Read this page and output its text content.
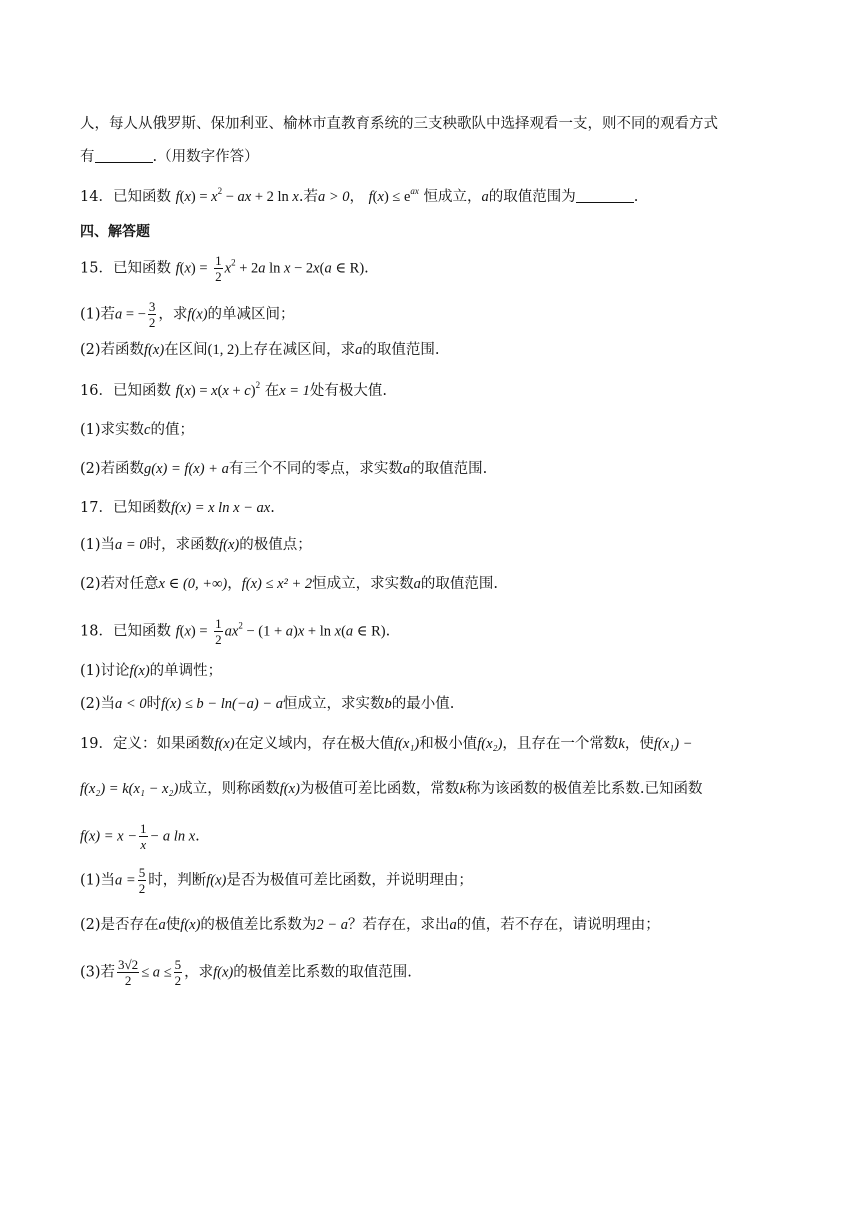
人，每人从俄罗斯、保加利亚、榆林市直教育系统的三支秧歌队中选择观看一支，则不同的观看方式
有	.（用数字作答）
14．已知函数 $f(x) = x^2$ − ax + 2 ln x.若a > 0， $f(x) \le e^{ax}$ 恒成立，a的取值范围为	.
四、解答题
15．已知函数 $f(x) = \frac{1}{2} x^2 + 2a$ ln x − 2x(a ∈ R).
(1)若a = − $\frac{3}{2}$ ，求f(x)的单减区间；
(2)若函数f(x)在区间(1, 2)上存在减区间，求a的取值范围.
16．已知函数 $f(x) = x(x + c)^2$ 在x = 1处有极大值.
(1)求实数c的值；
(2)若函数g(x) = f(x) + a有三个不同的零点，求实数a的取值范围.
17．已知函数f(x) = x ln x − ax.
(1)当a = 0时，求函数f(x)的极值点；
(2)若对任意x ∈ (0, +∞)，f(x) ≤ x² + 2恒成立，求实数a的取值范围.
18．已知函数 $f(x) = \frac{1}{2} ax^2 - (1 + a)x + \ln x(a$ ∈ R).
(1)讨论f(x)的单调性；
(2)当a < 0时f(x) ≤ b − ln(−a) − a恒成立，求实数b的最小值.
19．定义：如果函数f(x)在定义域内，存在极大值f(x₁)和极小值f(x₂)，且存在一个常数k，使f(x₁) −
f(x₂) = k(x₁ − x₂)成立，则称函数f(x)为极值可差比函数，常数k称为该函数的极值差比系数.已知函数
$f(x) = x - \frac{1}{x} - a$ ln x.
(1)当$a = \frac{5}{2}$ 时，判断f(x)是否为极值可差比函数，并说明理由；
(2)是否存在a使f(x)的极值差比系数为2 − a？若存在，求出a的值，若不存在，请说明理由；
(3)若 $\frac{3√2}{2} \le a \le \frac{5}{2}$ ，求f(x)的极值差比系数的取值范围.
